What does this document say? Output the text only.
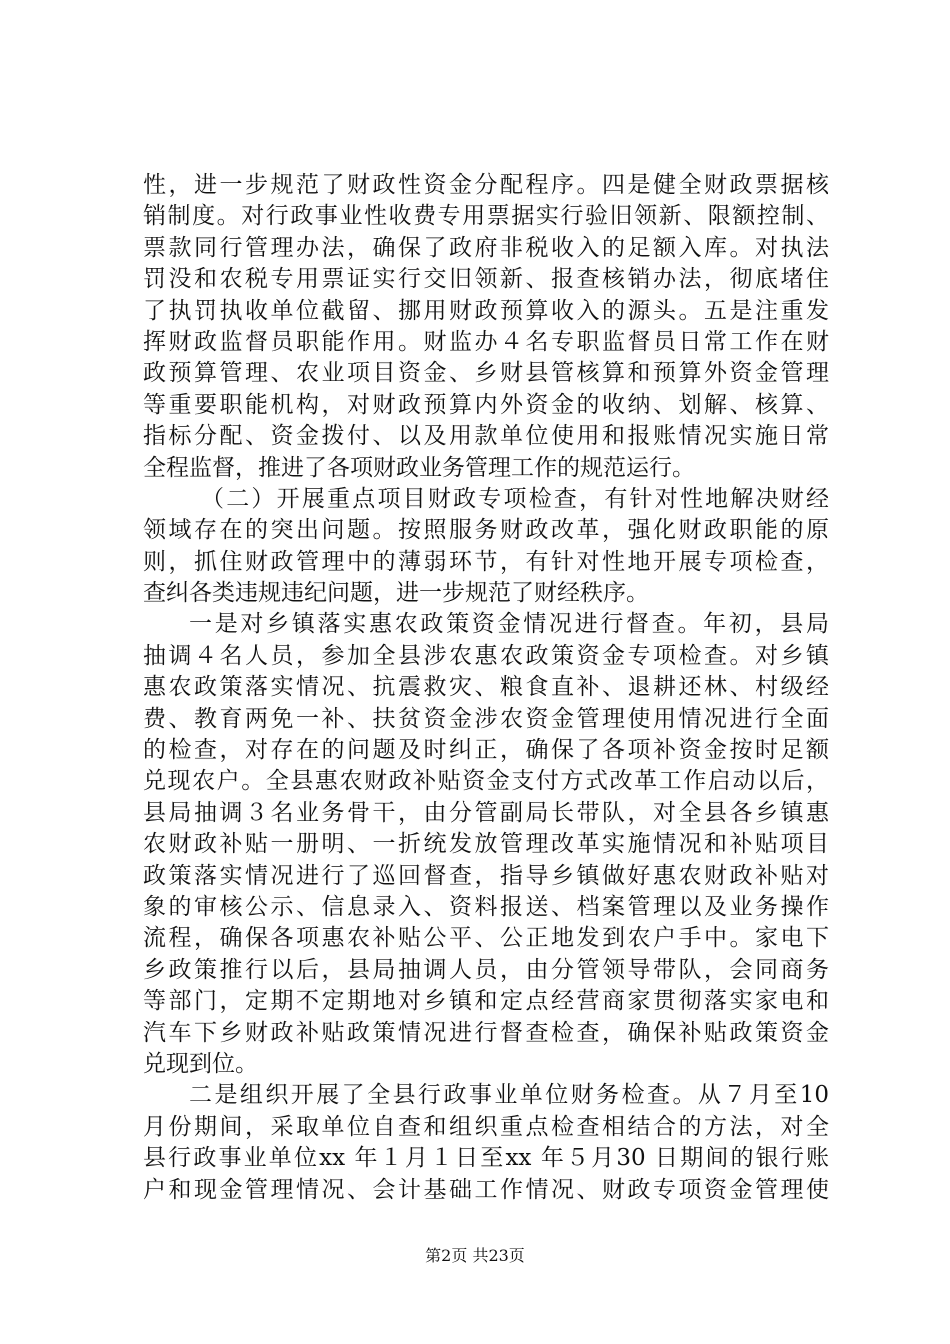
性，进一步规范了财政性资金分配程序。四是健全财政票据核
销制度。对行政事业性收费专用票据实行验旧领新、限额控制、
票款同行管理办法，确保了政府非税收入的足额入库。对执法
罚没和农税专用票证实行交旧领新、报查核销办法，彻底堵住
了执罚执收单位截留、挪用财政预算收入的源头。五是注重发
挥财政监督员职能作用。财监办４名专职监督员日常工作在财
政预算管理、农业项目资金、乡财县管核算和预算外资金管理
等重要职能机构，对财政预算内外资金的收纳、划解、核算、
指标分配、资金拨付、以及用款单位使用和报账情况实施日常
全程监督，推进了各项财政业务管理工作的规范运行。
（二）开展重点项目财政专项检查，有针对性地解决财经
领域存在的突出问题。按照服务财政改革，强化财政职能的原
则，抓住财政管理中的薄弱环节，有针对性地开展专项检查，
查纠各类违规违纪问题，进一步规范了财经秩序。
一是对乡镇落实惠农政策资金情况进行督查。年初，县局
抽调４名人员，参加全县涉农惠农政策资金专项检查。对乡镇
惠农政策落实情况、抗震救灾、粮食直补、退耕还林、村级经
费、教育两免一补、扶贫资金涉农资金管理使用情况进行全面
的检查，对存在的问题及时纠正，确保了各项补资金按时足额
兑现农户。全县惠农财政补贴资金支付方式改革工作启动以后，
县局抽调３名业务骨干，由分管副局长带队，对全县各乡镇惠
农财政补贴一册明、一折统发放管理改革实施情况和补贴项目
政策落实情况进行了巡回督查，指导乡镇做好惠农财政补贴对
象的审核公示、信息录入、资料报送、档案管理以及业务操作
流程，确保各项惠农补贴公平、公正地发到农户手中。家电下
乡政策推行以后，县局抽调人员，由分管领导带队，会同商务
等部门，定期不定期地对乡镇和定点经营商家贯彻落实家电和
汽车下乡财政补贴政策情况进行督查检查，确保补贴政策资金
兑现到位。
二是组织开展了全县行政事业单位财务检查。从７月至10
月份期间，采取单位自查和组织重点检查相结合的方法，对全
县行政事业单位xx 年１月１日至xx 年５月30 日期间的银行账
户和现金管理情况、会计基础工作情况、财政专项资金管理使
第2页 共23页
